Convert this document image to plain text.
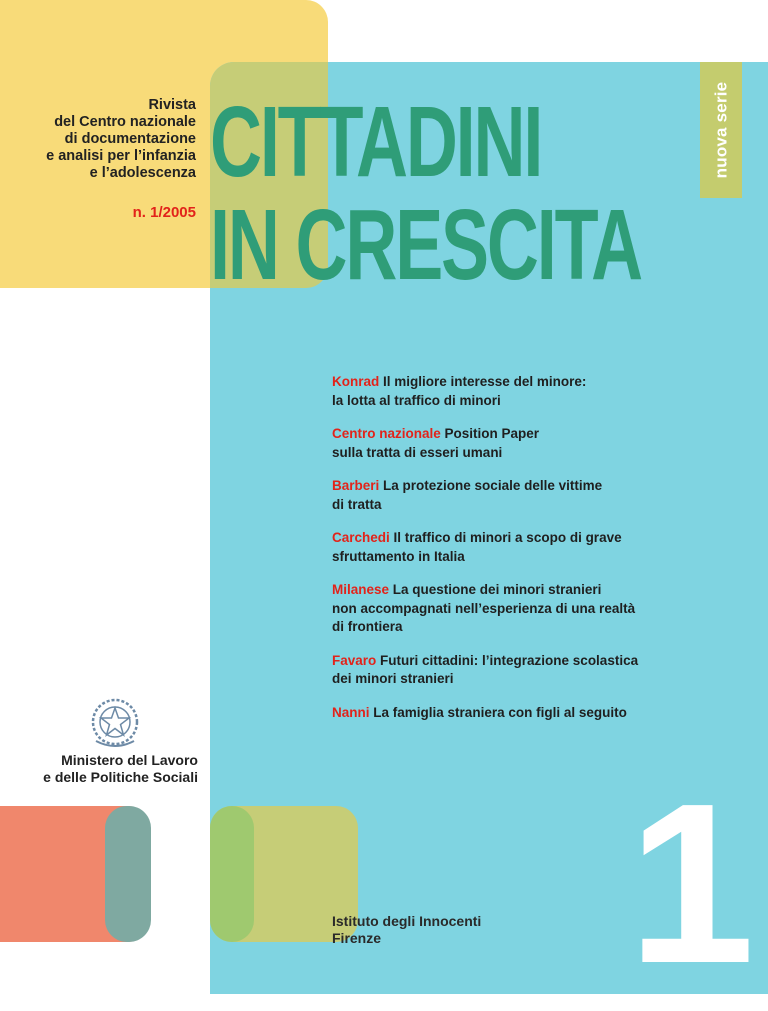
nuova serie
Rivista
del Centro nazionale
di documentazione
e analisi per l’infanzia
e l’adolescenza
n. 1/2005
CITTADINI
IN CRESCITA
Konrad Il migliore interesse del minore:
la lotta al traffico di minori
Centro nazionale Position Paper
sulla tratta di esseri umani
Barberi La protezione sociale delle vittime
di tratta
Carchedi Il traffico di minori a scopo di grave
sfruttamento in Italia
Milanese La questione dei minori stranieri
non accompagnati nell’esperienza di una realtà
di frontiera
Favaro Futuri cittadini: l’integrazione scolastica
dei minori stranieri
Nanni La famiglia straniera con figli al seguito
Ministero del Lavoro
e delle Politiche Sociali 1
Istituto degli Innocenti
Firenze
